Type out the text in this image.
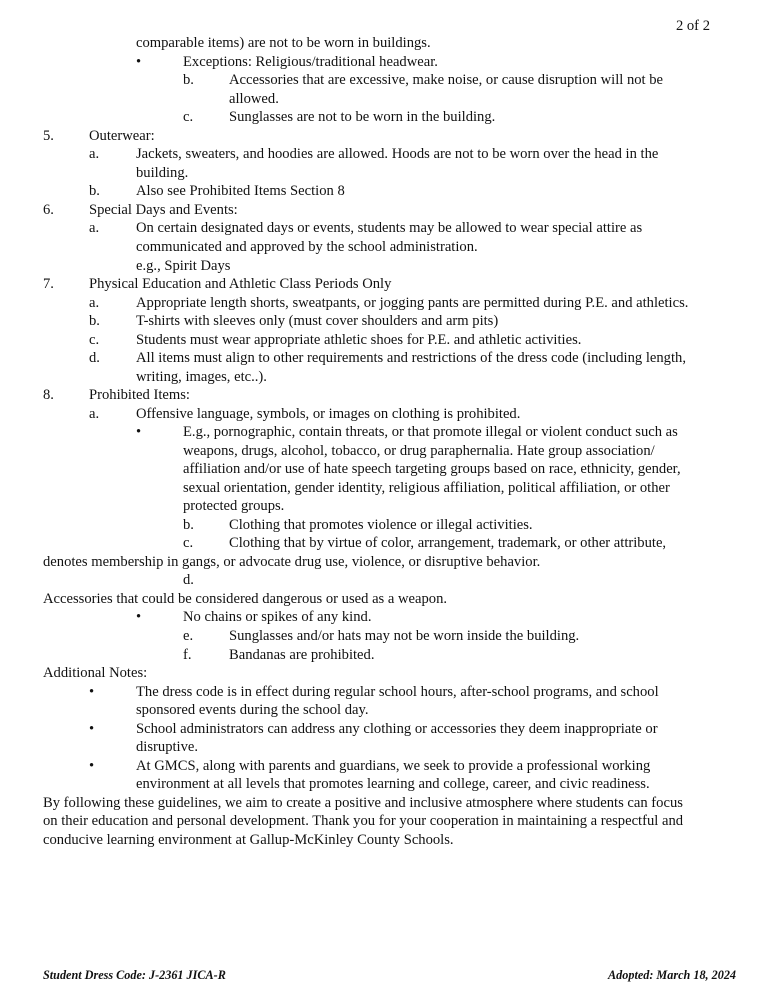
2 of 2
comparable items) are not to be worn in buildings.
•	Exceptions: Religious/traditional headwear.
b. Accessories that are excessive, make noise, or cause disruption will not be
allowed.
c. Sunglasses are not to be worn in the building.
5. Outerwear:
a.	Jackets, sweaters, and hoodies are allowed. Hoods are not to be worn over the head in the
building.
b. Also see Prohibited Items Section 8
6. Special Days and Events:
a.	On certain designated days or events, students may be allowed to wear special attire as
communicated and approved by the school administration.
e.g., Spirit Days
7. Physical Education and Athletic Class Periods Only
a.	Appropriate length shorts, sweatpants, or jogging pants are permitted during P.E. and athletics.
b. T-shirts with sleeves only (must cover shoulders and arm pits)
c.	Students must wear appropriate athletic shoes for P.E. and athletic activities.
d. All items must align to other requirements and restrictions of the dress code (including length,
writing, images, etc..).
8. Prohibited Items:
a.	Offensive language, symbols, or images on clothing is prohibited.
•	E.g., pornographic, contain threats, or that promote illegal or violent conduct such as
weapons, drugs, alcohol, tobacco, or drug paraphernalia. Hate group association/
affiliation and/or use of hate speech targeting groups based on race, ethnicity, gender,
sexual orientation, gender identity, religious affiliation, political affiliation, or other
protected groups.
b. Clothing that promotes violence or illegal activities.
c. Clothing that by virtue of color, arrangement, trademark, or other attribute,
denotes membership in gangs, or advocate drug use, violence, or disruptive behavior.
d.
Accessories that could be considered dangerous or used as a weapon.
•	No chains or spikes of any kind.
e. Sunglasses and/or hats may not be worn inside the building.
f.	Bandanas are prohibited.
Additional Notes:
•	The dress code is in effect during regular school hours, after-school programs, and school
sponsored events during the school day.
•	School administrators can address any clothing or accessories they deem inappropriate or
disruptive.
•	At GMCS, along with parents and guardians, we seek to provide a professional working
environment at all levels that promotes learning and college, career, and civic readiness.
By following these guidelines, we aim to create a positive and inclusive atmosphere where students can focus
on their education and personal development. Thank you for your cooperation in maintaining a respectful and
conducive learning environment at Gallup-McKinley County Schools.
Student Dress Code: J-2361 JICA-R	Adopted: March 18, 2024
